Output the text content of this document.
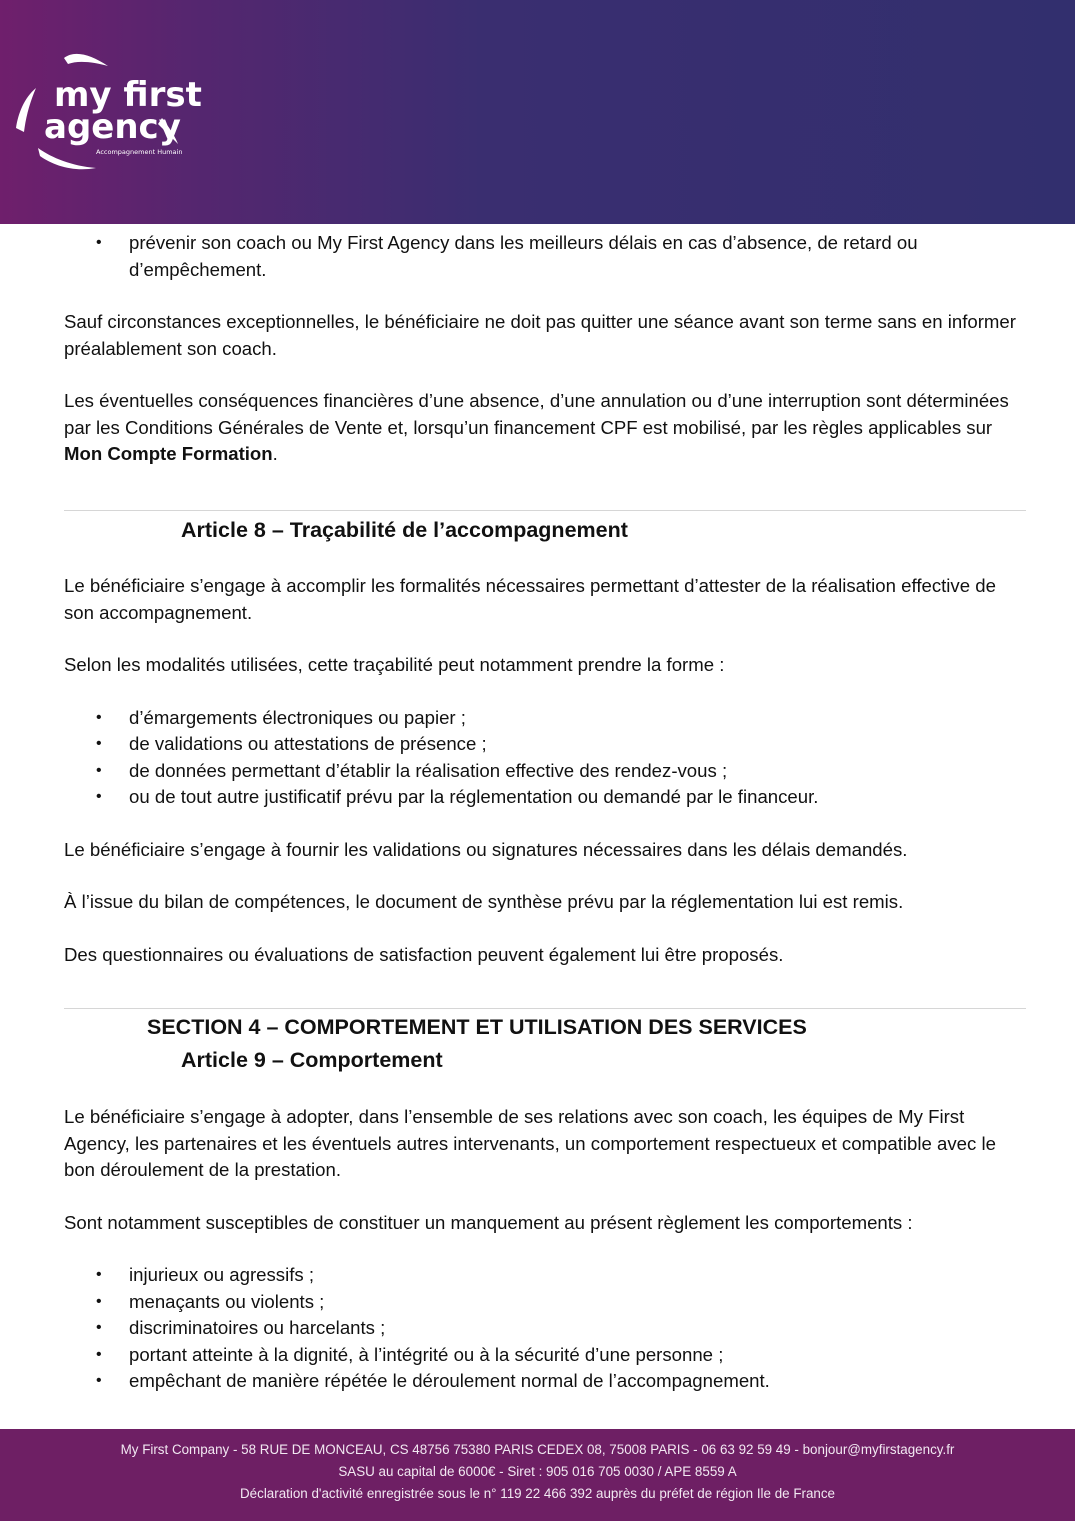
my first
agency
Accompagnement Humain
• prévenir son coach ou My First Agency dans les meilleurs délais en cas d’absence, de retard ou d’empêchement.

Sauf circonstances exceptionnelles, le bénéficiaire ne doit pas quitter une séance avant son terme sans en informer préalablement son coach.

Les éventuelles conséquences financières d’une absence, d’une annulation ou d’une interruption sont déterminées par les Conditions Générales de Vente et, lorsqu’un financement CPF est mobilisé, par les règles applicables sur Mon Compte Formation.

Article 8 – Traçabilité de l’accompagnement

Le bénéficiaire s’engage à accomplir les formalités nécessaires permettant d’attester de la réalisation effective de son accompagnement.

Selon les modalités utilisées, cette traçabilité peut notamment prendre la forme :

• d’émargements électroniques ou papier ;
• de validations ou attestations de présence ;
• de données permettant d’établir la réalisation effective des rendez-vous ;
• ou de tout autre justificatif prévu par la réglementation ou demandé par le financeur.

Le bénéficiaire s’engage à fournir les validations ou signatures nécessaires dans les délais demandés.

À l’issue du bilan de compétences, le document de synthèse prévu par la réglementation lui est remis.

Des questionnaires ou évaluations de satisfaction peuvent également lui être proposés.

SECTION 4 – COMPORTEMENT ET UTILISATION DES SERVICES
Article 9 – Comportement

Le bénéficiaire s’engage à adopter, dans l’ensemble de ses relations avec son coach, les équipes de My First Agency, les partenaires et les éventuels autres intervenants, un comportement respectueux et compatible avec le bon déroulement de la prestation.

Sont notamment susceptibles de constituer un manquement au présent règlement les comportements :

• injurieux ou agressifs ;
• menaçants ou violents ;
• discriminatoires ou harcelants ;
• portant atteinte à la dignité, à l’intégrité ou à la sécurité d’une personne ;
• empêchant de manière répétée le déroulement normal de l’accompagnement.
My First Company - 58 RUE DE MONCEAU, CS 48756 75380 PARIS CEDEX 08, 75008 PARIS - 06 63 92 59 49 - bonjour@myfirstagency.fr
SASU au capital de 6000€ - Siret : 905 016 705 0030 / APE 8559 A
Déclaration d'activité enregistrée sous le n° 119 22 466 392 auprès du préfet de région Ile de France
